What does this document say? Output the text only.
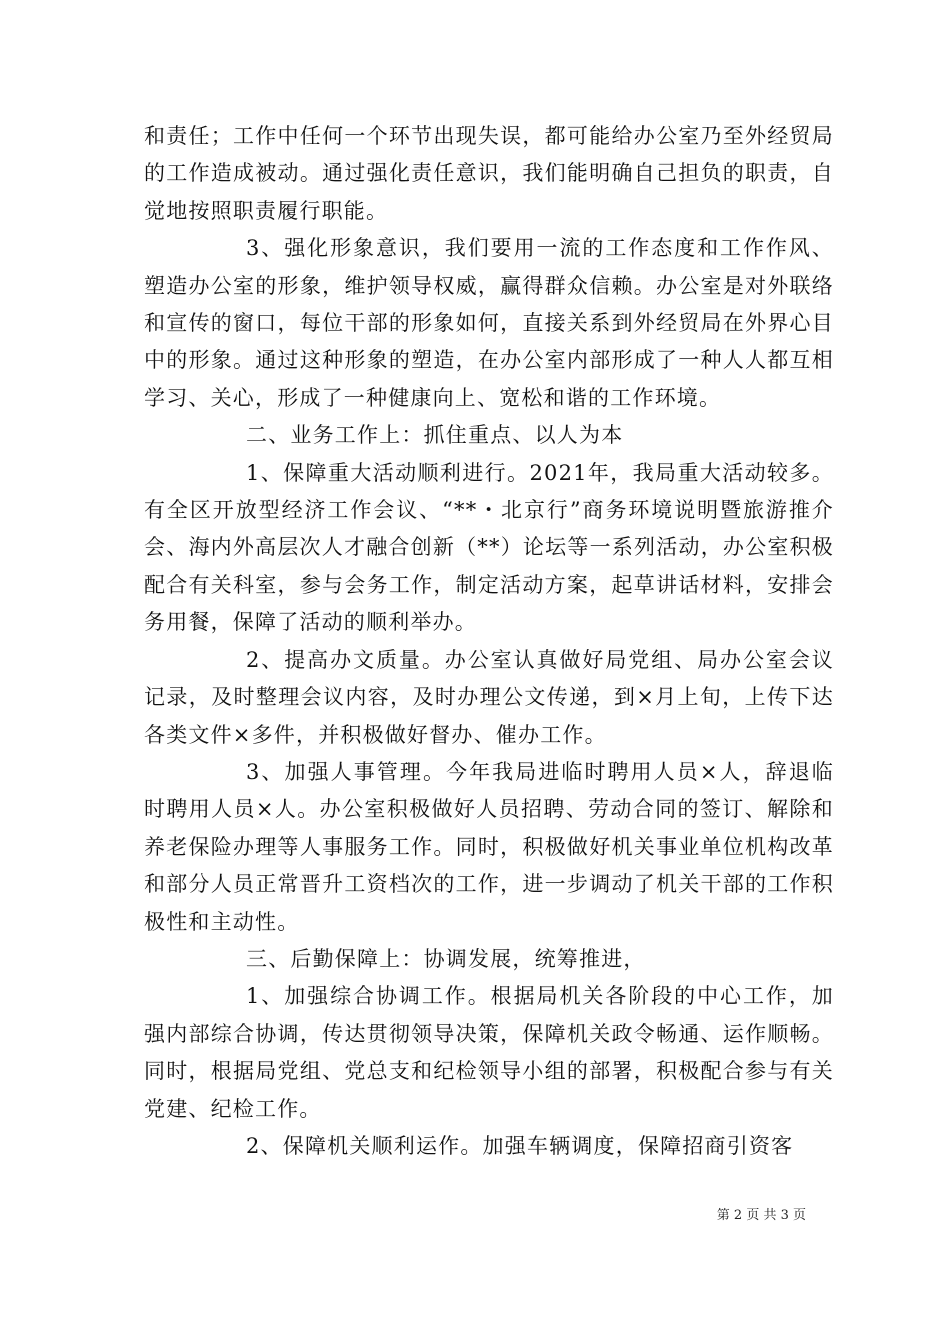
和责任；工作中任何一个环节出现失误，都可能给办公室乃至外经贸局的工作造成被动。通过强化责任意识，我们能明确自己担负的职责，自觉地按照职责履行职能。

3、强化形象意识，我们要用一流的工作态度和工作作风、塑造办公室的形象，维护领导权威，赢得群众信赖。办公室是对外联络和宣传的窗口，每位干部的形象如何，直接关系到外经贸局在外界心目中的形象。通过这种形象的塑造，在办公室内部形成了一种人人都互相学习、关心，形成了一种健康向上、宽松和谐的工作环境。

二、业务工作上：抓住重点、以人为本

1、保障重大活动顺利进行。2021年，我局重大活动较多。有全区开放型经济工作会议、“**・北京行”商务环境说明暨旅游推介会、海内外高层次人才融合创新（**）论坛等一系列活动，办公室积极配合有关科室，参与会务工作，制定活动方案，起草讲话材料，安排会务用餐，保障了活动的顺利举办。

2、提高办文质量。办公室认真做好局党组、局办公室会议记录，及时整理会议内容，及时办理公文传递，到×月上旬，上传下达各类文件×多件，并积极做好督办、催办工作。

3、加强人事管理。今年我局进临时聘用人员×人，辞退临时聘用人员×人。办公室积极做好人员招聘、劳动合同的签订、解除和养老保险办理等人事服务工作。同时，积极做好机关事业单位机构改革和部分人员正常晋升工资档次的工作，进一步调动了机关干部的工作积极性和主动性。

三、后勤保障上：协调发展，统筹推进，

1、加强综合协调工作。根据局机关各阶段的中心工作，加强内部综合协调，传达贯彻领导决策，保障机关政令畅通、运作顺畅。同时，根据局党组、党总支和纪检领导小组的部署，积极配合参与有关党建、纪检工作。

2、保障机关顺利运作。加强车辆调度，保障招商引资客

第 2 页 共 3 页
